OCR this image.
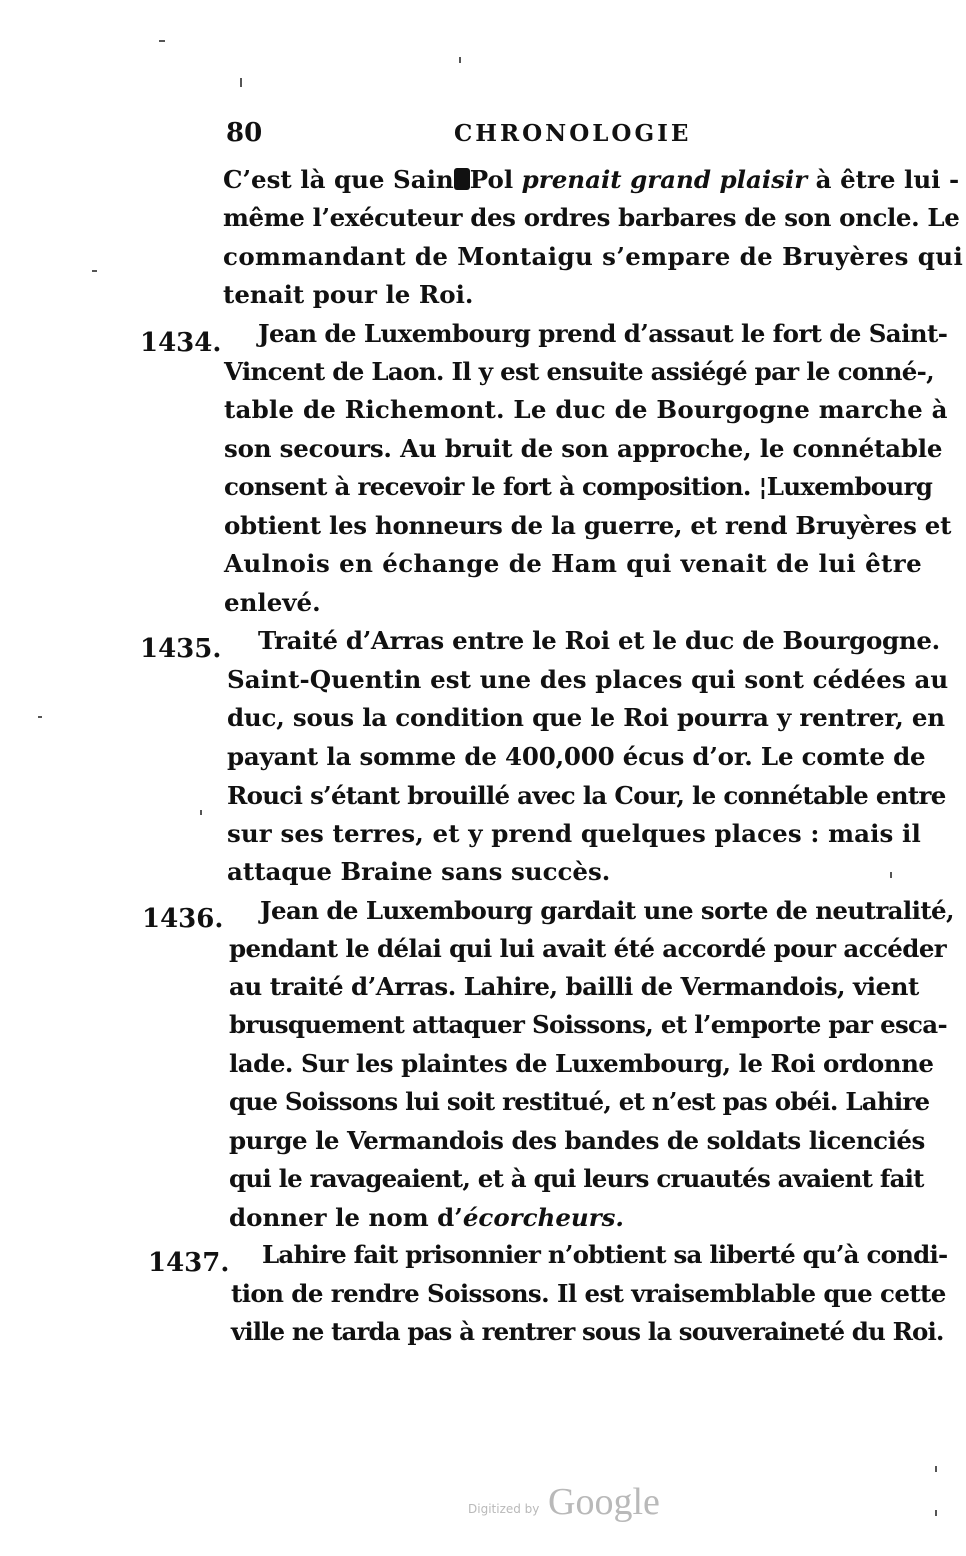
80	CHRONOLOGIE
C’est là que Sain Pol prenait grand plaisir à être lui -
même l’exécuteur des ordres barbares de son oncle. Le
commandant de Montaigu s’empare de Bruyères qui
tenait pour le Roi.
1434. Jean de Luxembourg prend d’assaut le fort de Saint-
Vincent de Laon. Il y est ensuite assiégé par le conné-,
table de Richemont. Le duc de Bourgogne marche à
son secours. Au bruit de son approche, le connétable
consent à recevoir le fort à composition. ¦Luxembourg
obtient les honneurs de la guerre, et rend Bruyères et
Aulnois en échange de Ham qui venait de lui être
enlevé.
1435. Traité d’Arras entre le Roi et le duc de Bourgogne.
Saint-Quentin est une des places qui sont cédées au
duc, sous la condition que le Roi pourra y rentrer, en
payant la somme de 400,000 écus d’or. Le comte de
Rouci s’étant brouillé avec la Cour, le connétable entre
sur ses terres, et y prend quelques places : mais il
attaque Braine sans succès.
1436. Jean de Luxembourg gardait une sorte de neutralité,
pendant le délai qui lui avait été accordé pour accéder
au traité d’Arras. Lahire, bailli de Vermandois, vient
brusquement attaquer Soissons, et l’emporte par esca-
lade. Sur les plaintes de Luxembourg, le Roi ordonne
que Soissons lui soit restitué, et n’est pas obéi. Lahire
purge le Vermandois des bandes de soldats licenciés
qui le ravageaient, et à qui leurs cruautés avaient fait
donner le nom d’écorcheurs.
1437. Lahire fait prisonnier n’obtient sa liberté qu’à condi-
tion de rendre Soissons. Il est vraisemblable que cette
ville ne tarda pas à rentrer sous la souveraineté du Roi.
Digitized by Google
